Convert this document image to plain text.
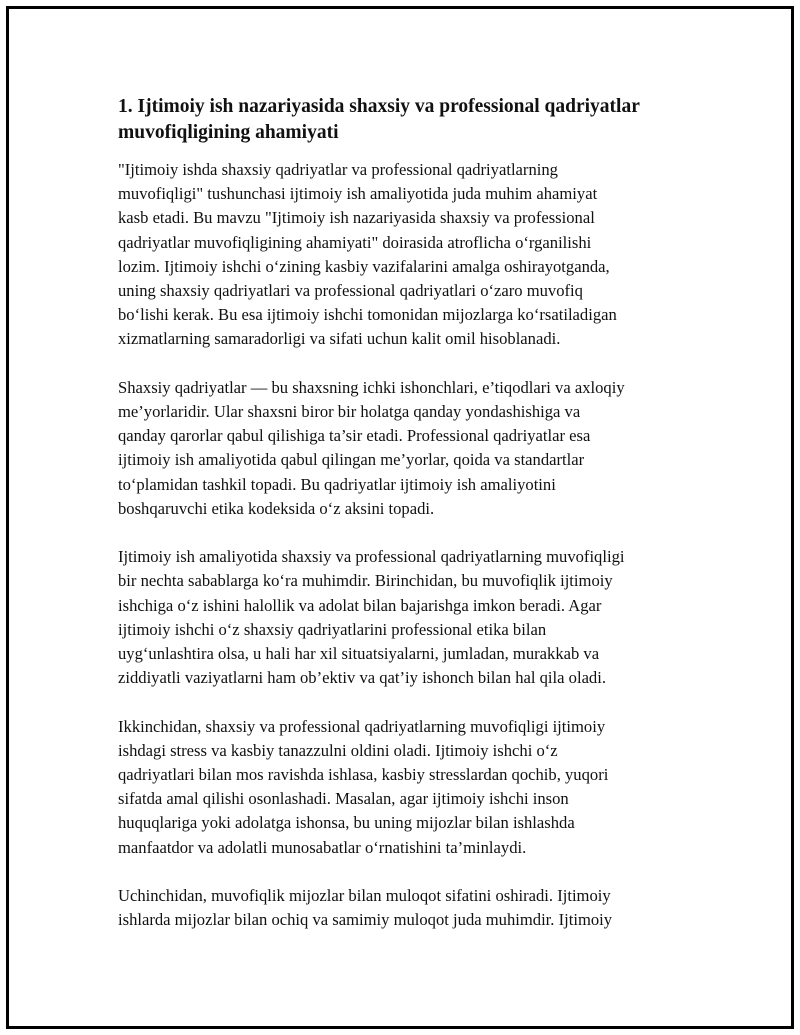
1. Ijtimoiy ish nazariyasida shaxsiy va professional qadriyatlar
muvofiqligining ahamiyati

"Ijtimoiy ishda shaxsiy qadriyatlar va professional qadriyatlarning
muvofiqligi" tushunchasi ijtimoiy ish amaliyotida juda muhim ahamiyat
kasb etadi. Bu mavzu "Ijtimoiy ish nazariyasida shaxsiy va professional
qadriyatlar muvofiqligining ahamiyati" doirasida atroflicha o‘rganilishi
lozim. Ijtimoiy ishchi o‘zining kasbiy vazifalarini amalga oshirayotganda,
uning shaxsiy qadriyatlari va professional qadriyatlari o‘zaro muvofiq
bo‘lishi kerak. Bu esa ijtimoiy ishchi tomonidan mijozlarga ko‘rsatiladigan
xizmatlarning samaradorligi va sifati uchun kalit omil hisoblanadi.

Shaxsiy qadriyatlar — bu shaxsning ichki ishonchlari, e’tiqodlari va axloqiy
me’yorlaridir. Ular shaxsni biror bir holatga qanday yondashishiga va
qanday qarorlar qabul qilishiga ta’sir etadi. Professional qadriyatlar esa
ijtimoiy ish amaliyotida qabul qilingan me’yorlar, qoida va standartlar
to‘plamidan tashkil topadi. Bu qadriyatlar ijtimoiy ish amaliyotini
boshqaruvchi etika kodeksida o‘z aksini topadi.

Ijtimoiy ish amaliyotida shaxsiy va professional qadriyatlarning muvofiqligi
bir nechta sabablarga ko‘ra muhimdir. Birinchidan, bu muvofiqlik ijtimoiy
ishchiga o‘z ishini halollik va adolat bilan bajarishga imkon beradi. Agar
ijtimoiy ishchi o‘z shaxsiy qadriyatlarini professional etika bilan
uyg‘unlashtira olsa, u hali har xil situatsiyalarni, jumladan, murakkab va
ziddiyatli vaziyatlarni ham ob’ektiv va qat’iy ishonch bilan hal qila oladi.

Ikkinchidan, shaxsiy va professional qadriyatlarning muvofiqligi ijtimoiy
ishdagi stress va kasbiy tanazzulni oldini oladi. Ijtimoiy ishchi o‘z
qadriyatlari bilan mos ravishda ishlasa, kasbiy stresslardan qochib, yuqori
sifatda amal qilishi osonlashadi. Masalan, agar ijtimoiy ishchi inson
huquqlariga yoki adolatga ishonsa, bu uning mijozlar bilan ishlashda
manfaatdor va adolatli munosabatlar o‘rnatishini ta’minlaydi.

Uchinchidan, muvofiqlik mijozlar bilan muloqot sifatini oshiradi. Ijtimoiy
ishlarda mijozlar bilan ochiq va samimiy muloqot juda muhimdir. Ijtimoiy
